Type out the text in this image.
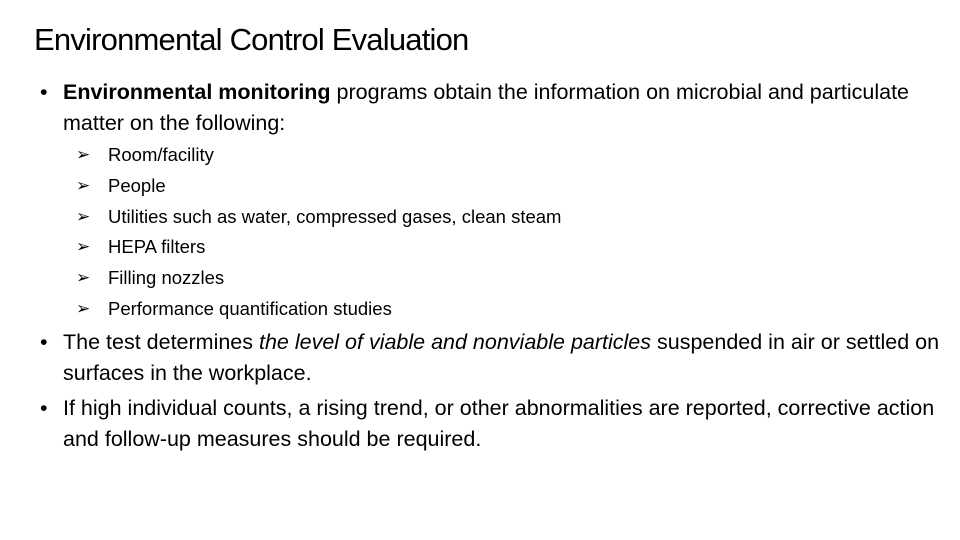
Environmental Control Evaluation
• Environmental monitoring programs obtain the information on microbial and particulate matter on the following:
➢ Room/facility
➢ People
➢ Utilities such as water, compressed gases, clean steam
➢ HEPA filters
➢ Filling nozzles
➢ Performance quantification studies
• The test determines the level of viable and nonviable particles suspended in air or settled on surfaces in the workplace.
• If high individual counts, a rising trend, or other abnormalities are reported, corrective action and follow-up measures should be required.
